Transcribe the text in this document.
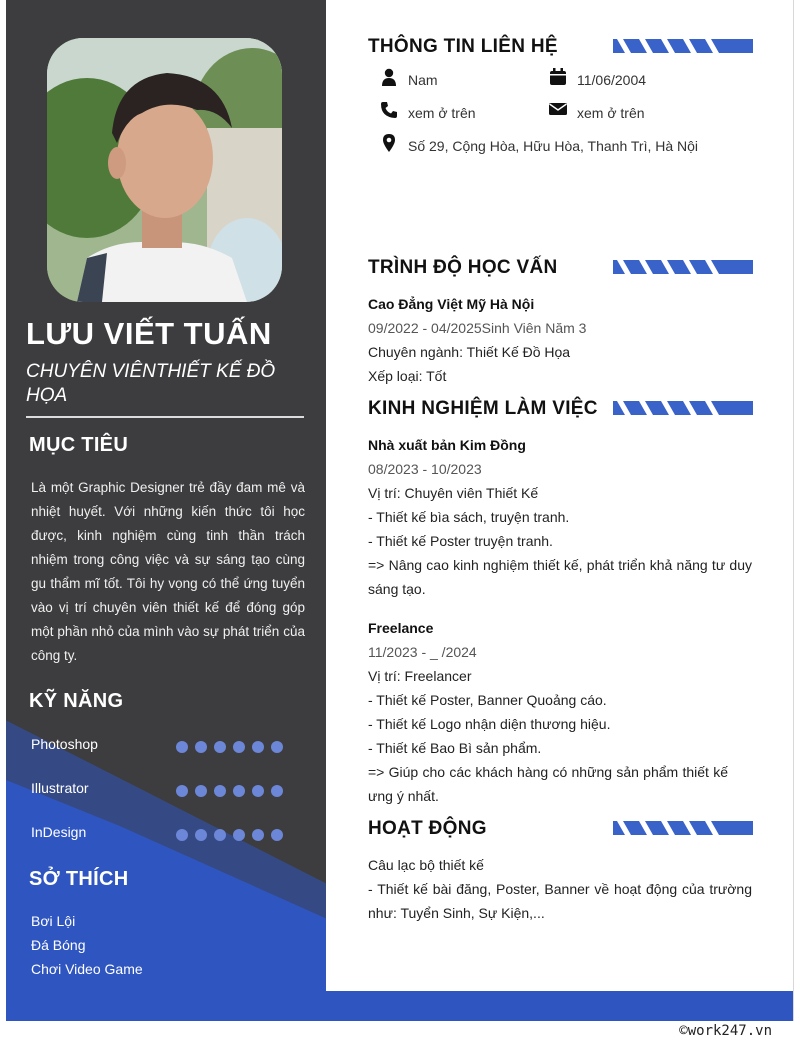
LƯU VIẾT TUẤN
CHUYÊN VIÊNTHIẾT KẾ ĐỒ HỌA
MỤC TIÊU
Là một Graphic Designer trẻ đầy đam mê và nhiệt huyết. Với những kiến thức tôi học được, kinh nghiệm cùng tinh thần trách nhiệm trong công việc và sự sáng tạo cùng gu thẩm mĩ tốt. Tôi hy vọng có thể ứng tuyển vào vị trí chuyên viên thiết kế để đóng góp một phần nhỏ của mình vào sự phát triển của công ty.
KỸ NĂNG
Photoshop
Illustrator
InDesign
SỞ THÍCH
Bơi Lội
Đá Bóng
Chơi Video Game
THÔNG TIN LIÊN HỆ
Nam	11/06/2004
xem ở trên	xem ở trên
Số 29, Cộng Hòa, Hữu Hòa, Thanh Trì, Hà Nội
TRÌNH ĐỘ HỌC VẤN
Cao Đẳng Việt Mỹ Hà Nội
09/2022 - 04/2025Sinh Viên Năm 3
Chuyên ngành: Thiết Kế Đồ Họa
Xếp loại: Tốt
KINH NGHIỆM LÀM VIỆC
Nhà xuất bản Kim Đồng
08/2023 - 10/2023
Vị trí: Chuyên viên Thiết Kế
- Thiết kế bìa sách, truyện tranh.
- Thiết kế Poster truyện tranh.
=> Nâng cao kinh nghiệm thiết kế, phát triển khả năng tư duy sáng tạo.
Freelance
11/2023 - _ /2024
Vị trí: Freelancer
- Thiết kế Poster, Banner Quoảng cáo.
- Thiết kế Logo nhận diện thương hiệu.
- Thiết kế Bao Bì sản phẩm.
=> Giúp cho các khách hàng có những sản phẩm thiết kế ưng ý nhất.
HOẠT ĐỘNG
Câu lạc bộ thiết kế
- Thiết kế bài đăng, Poster, Banner về hoạt động của trường như: Tuyển Sinh, Sự Kiện,...
©work247.vn
